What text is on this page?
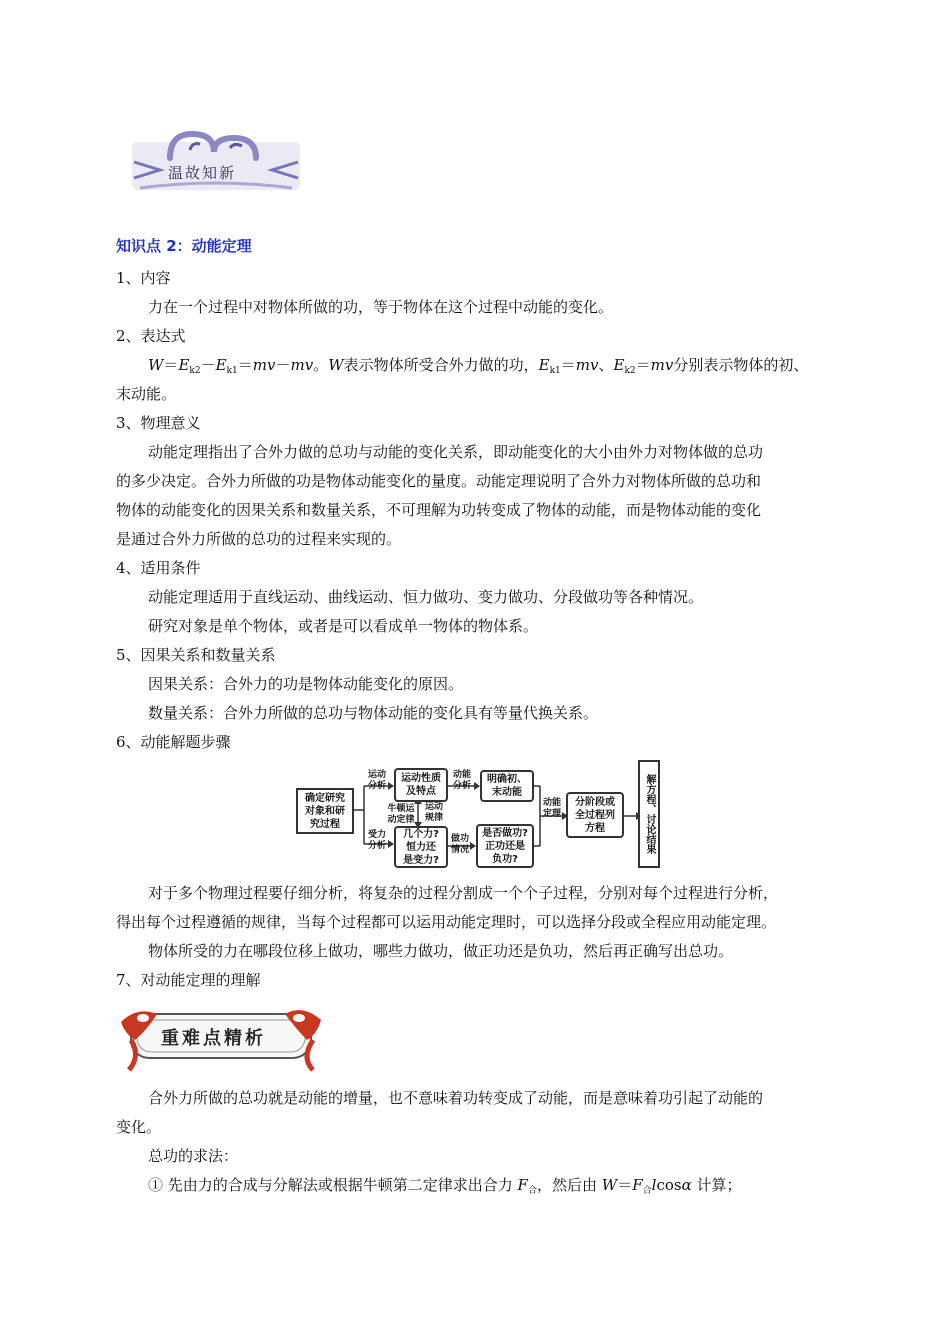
温故知新
知识点 2：动能定理
1、内容
力在一个过程中对物体所做的功，等于物体在这个过程中动能的变化。
2、表达式
$W=E_{k2}-E_{k1}=mv-mv$。W表示物体所受合外力做的功，$E_{k1}=mv$、$E_{k2}=mv$分别表示物体的初、
末动能。
3、物理意义
动能定理指出了合外力做的总功与动能的变化关系，即动能变化的大小由外力对物体做的总功
的多少决定。合外力所做的功是物体动能变化的量度。动能定理说明了合外力对物体所做的总功和
物体的动能变化的因果关系和数量关系，不可理解为功转变成了物体的动能，而是物体动能的变化
是通过合外力所做的总功的过程来实现的。
4、适用条件
动能定理适用于直线运动、曲线运动、恒力做功、变力做功、分段做功等各种情况。
研究对象是单个物体，或者是可以看成单一物体的物体系。
5、因果关系和数量关系
因果关系：合外力的功是物体动能变化的原因。
数量关系：合外力所做的总功与物体动能的变化具有等量代换关系。
6、动能解题步骤
确定研究
对象和研
究过程
运动
分析
运动性质
及特点
动能
分析
明确初、
末动能
牛顿运
动定律
运动
规律
受力
分析
几个力?
恒力还
是变力?
做功
情况
是否做功?
正功还是
负功?
动能
定理
分阶段或
全过程列
方程	解方程、讨论结果
对于多个物理过程要仔细分析，将复杂的过程分割成一个个子过程，分别对每个过程进行分析，
得出每个过程遵循的规律，当每个过程都可以运用动能定理时，可以选择分段或全程应用动能定理。
物体所受的力在哪段位移上做功，哪些力做功，做正功还是负功，然后再正确写出总功。
7、对动能定理的理解
重难点精析
合外力所做的总功就是动能的增量，也不意味着功转变成了动能，而是意味着功引起了动能的
变化。
总功的求法：
① 先由力的合成与分解法或根据牛顿第二定律求出合力 $F_合$，然后由 $W=F_合lcos\alpha$ 计算；
